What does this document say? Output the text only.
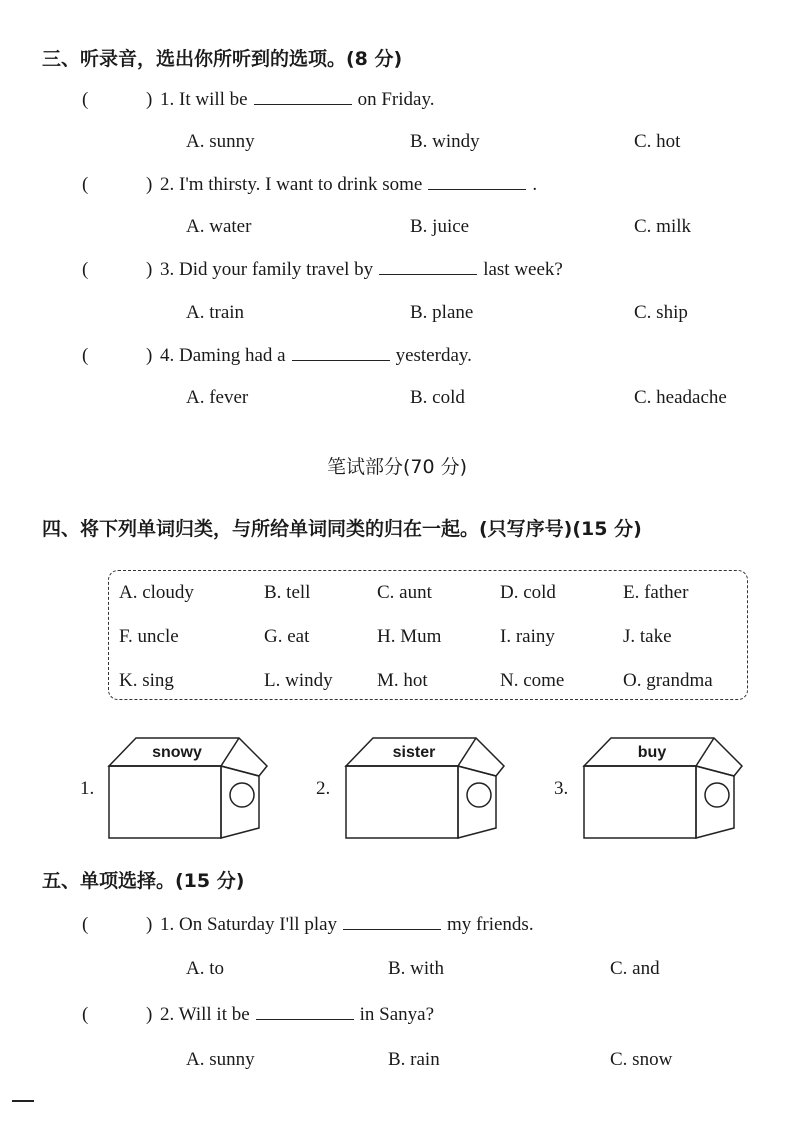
三、听录音，选出你所听到的选项。(8 分)
(	) 1. It will be	on Friday.
A. sunny	B. windy	C. hot
(	) 2. I'm thirsty. I want to drink some	.
A. water	B. juice	C. milk
(	) 3. Did your family travel by	last week?
A. train	B. plane	C. ship
(	) 4. Daming had a	yesterday.
A. fever	B. cold	C. headache
笔试部分(70 分)
四、将下列单词归类，与所给单词同类的归在一起。(只写序号)(15 分)
A. cloudy	B. tell	C. aunt	D. cold	E. father
F. uncle	G. eat	H. Mum	I. rainy	J. take
K. sing	L. windy M. hot	N. come	O. grandma
1.
snowy
2.
sister
3.
buy
五、单项选择。(15 分)
(	) 1. On Saturday I'll play	my friends.
A. to	B. with	C. and
(	) 2. Will it be	in Sanya?
A. sunny	B. rain	C. snow
